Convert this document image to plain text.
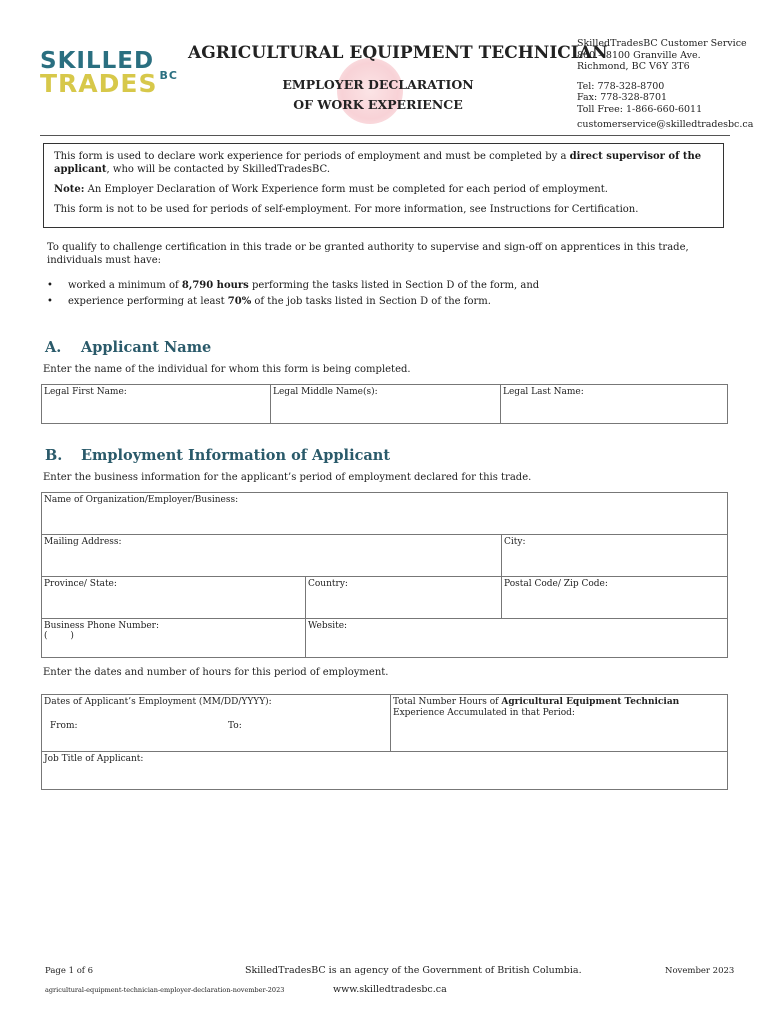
SKILLED
TRADES $^{BC}$
AGRICULTURAL EQUIPMENT TECHNICIAN
EMPLOYER DECLARATION
OF WORK EXPERIENCE
SkilledTradesBC Customer Service
800 – 8100 Granville Ave.
Richmond, BC V6Y 3T6
Tel: 778-328-8700
Fax: 778-328-8701
Toll Free: 1-866-660-6011
customerservice@skilledtradesbc.ca

This form is used to declare work experience for periods of employment and must be completed by a direct supervisor of the applicant, who will be contacted by SkilledTradesBC.

Note: An Employer Declaration of Work Experience form must be completed for each period of employment.

This form is not to be used for periods of self-employment. For more information, see Instructions for Certification.

To qualify to challenge certification in this trade or be granted authority to supervise and sign-off on apprentices in this trade, individuals must have:
• worked a minimum of 8,790 hours performing the tasks listed in Section D of the form, and
• experience performing at least 70% of the job tasks listed in Section D of the form.
A. Applicant Name
Enter the name of the individual for whom this form is being completed.
Legal First Name:	Legal Middle Name(s):	Legal Last Name:
B. Employment Information of Applicant
Enter the business information for the applicant’s period of employment declared for this trade.
Name of Organization/Employer/Business:
Mailing Address:	City:
Province/ State:	Country:	Postal Code/ Zip Code:
Business Phone Number:
(        )
Website:
Enter the dates and number of hours for this period of employment.
Dates of Applicant’s Employment (MM/DD/YYYY):
From:	To:
Total Number Hours of Agricultural Equipment Technician Experience Accumulated in that Period:
Job Title of Applicant:
Page 1 of 6	SkilledTradesBC is an agency of the Government of British Columbia.	November 2023
agricultural-equipment-technician-employer-declaration-november-2023	www.skilledtradesbc.ca
